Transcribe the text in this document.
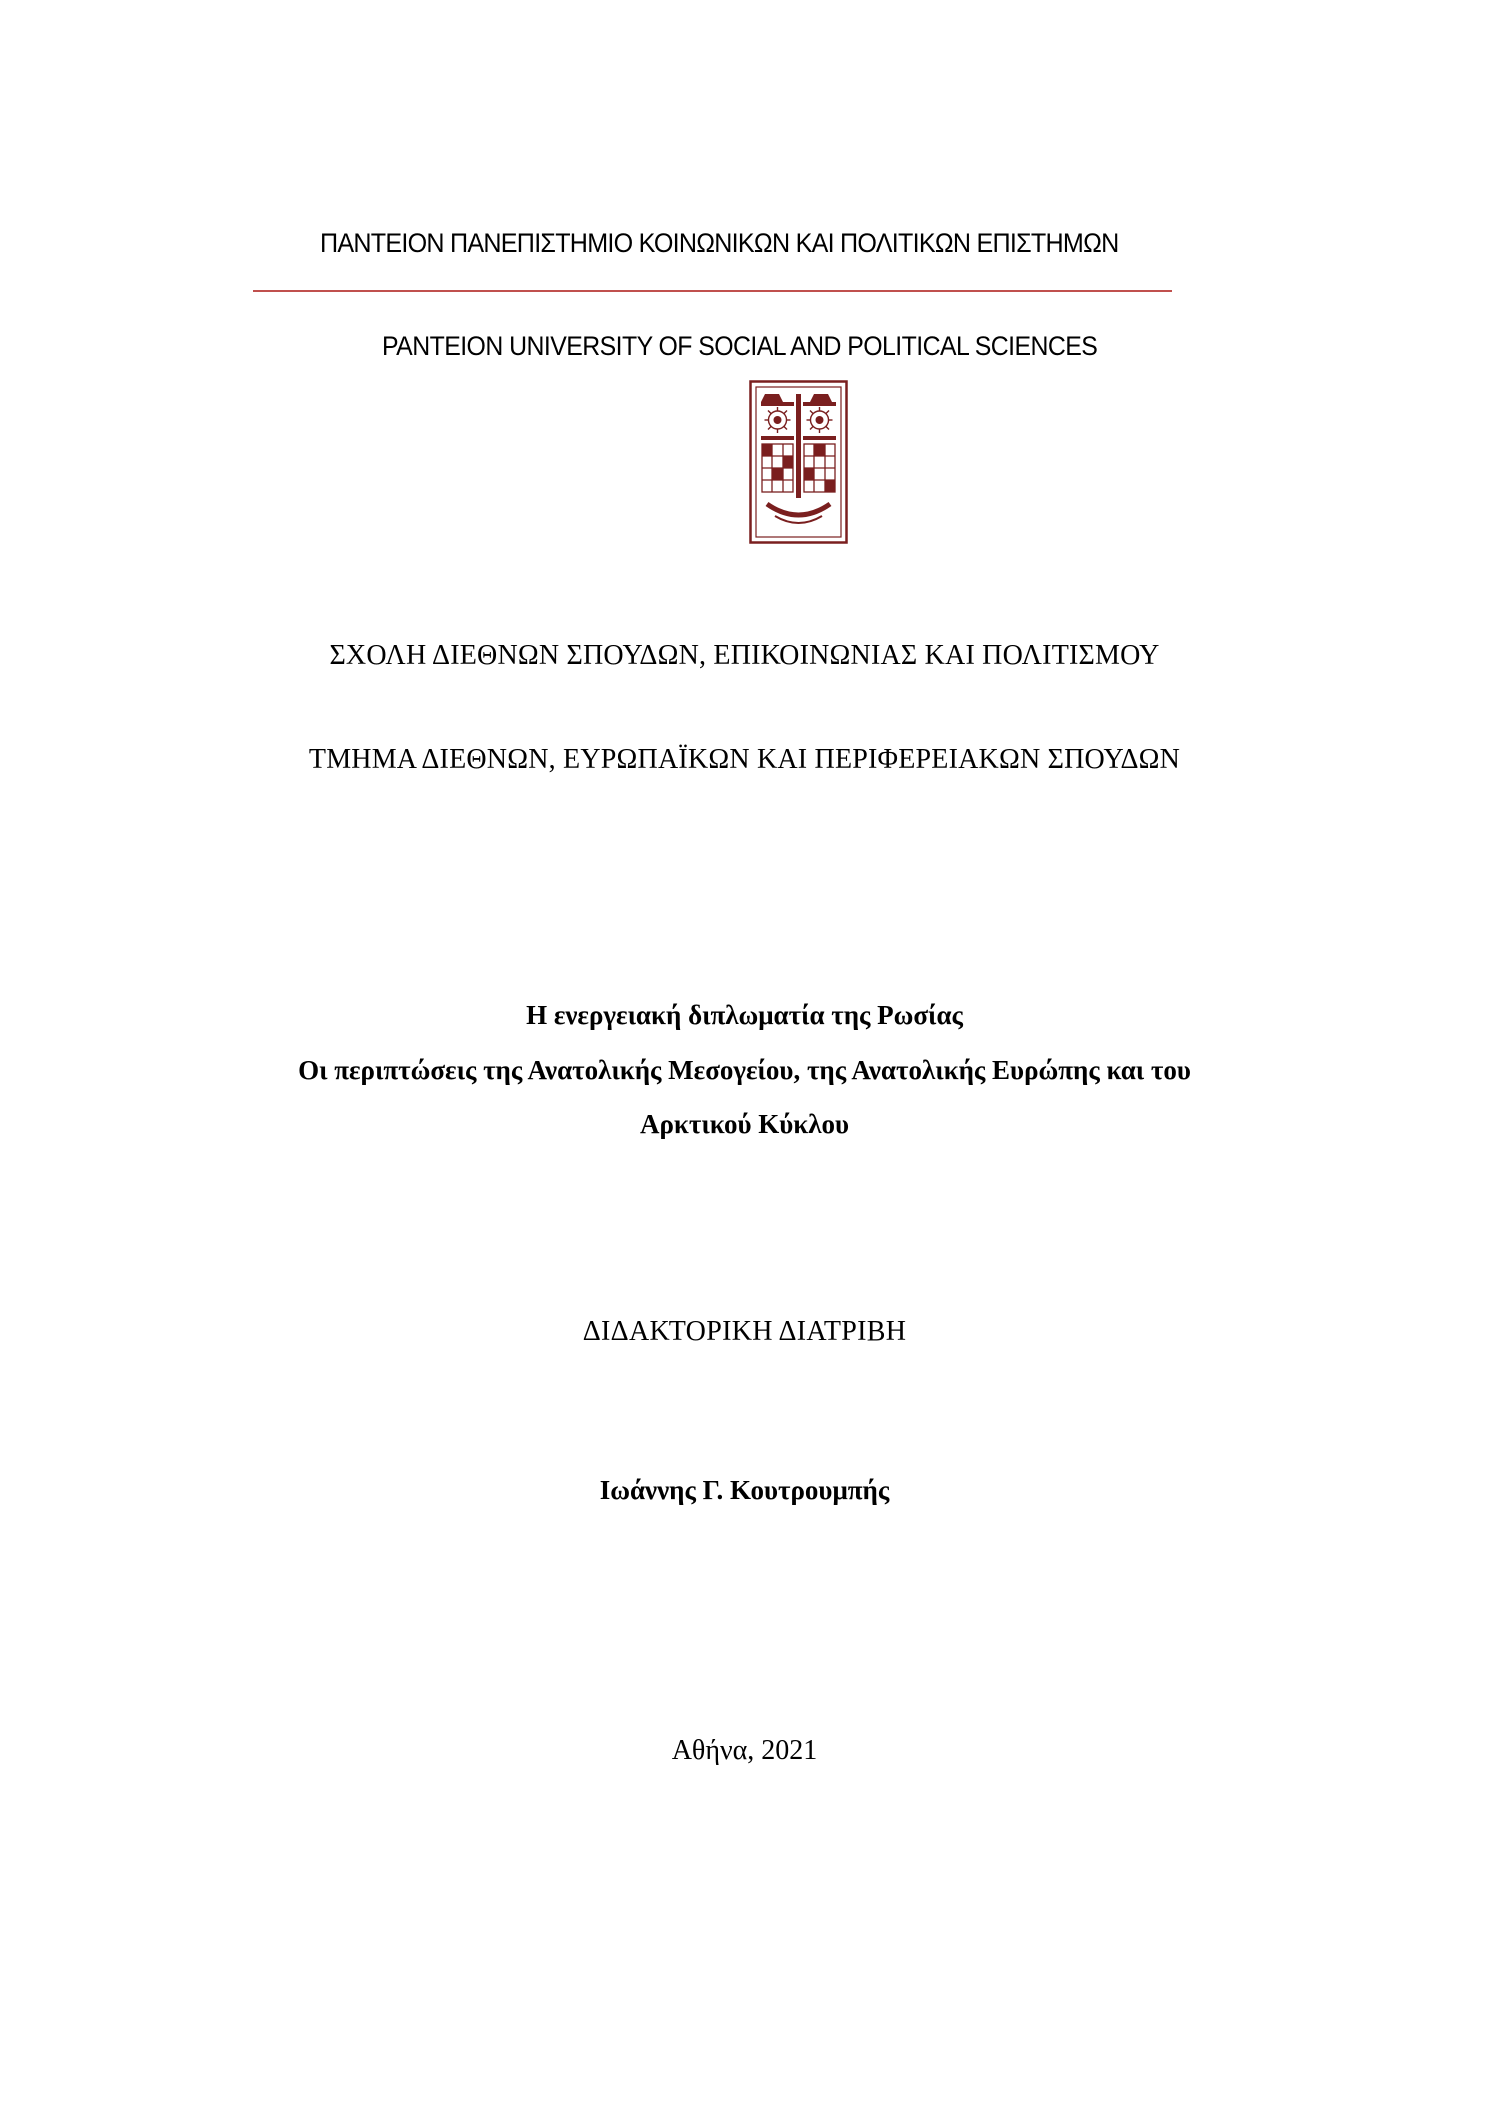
ΠΑΝΤΕΙΟΝ ΠΑΝΕΠΙΣΤΗΜΙΟ ΚΟΙΝΩΝΙΚΩΝ ΚΑΙ ΠΟΛΙΤΙΚΩΝ ΕΠΙΣΤΗΜΩΝ
PANTEION UNIVERSITY OF SOCIAL AND POLITICAL SCIENCES
ΣΧΟΛΗ ΔΙΕΘΝΩΝ ΣΠΟΥΔΩΝ, ΕΠΙΚΟΙΝΩΝΙΑΣ ΚΑΙ ΠΟΛΙΤΙΣΜΟΥ
ΤΜΗΜΑ ΔΙΕΘΝΩΝ, ΕΥΡΩΠΑΪΚΩΝ ΚΑΙ ΠΕΡΙΦΕΡΕΙΑΚΩΝ ΣΠΟΥΔΩΝ
Η ενεργειακή διπλωματία της Ρωσίας
Οι περιπτώσεις της Ανατολικής Μεσογείου, της Ανατολικής Ευρώπης και του
Αρκτικού Κύκλου
ΔΙΔΑΚΤΟΡΙΚΗ ΔΙΑΤΡΙΒΗ
Ιωάννης Γ. Κουτρουμπής
Αθήνα, 2021
